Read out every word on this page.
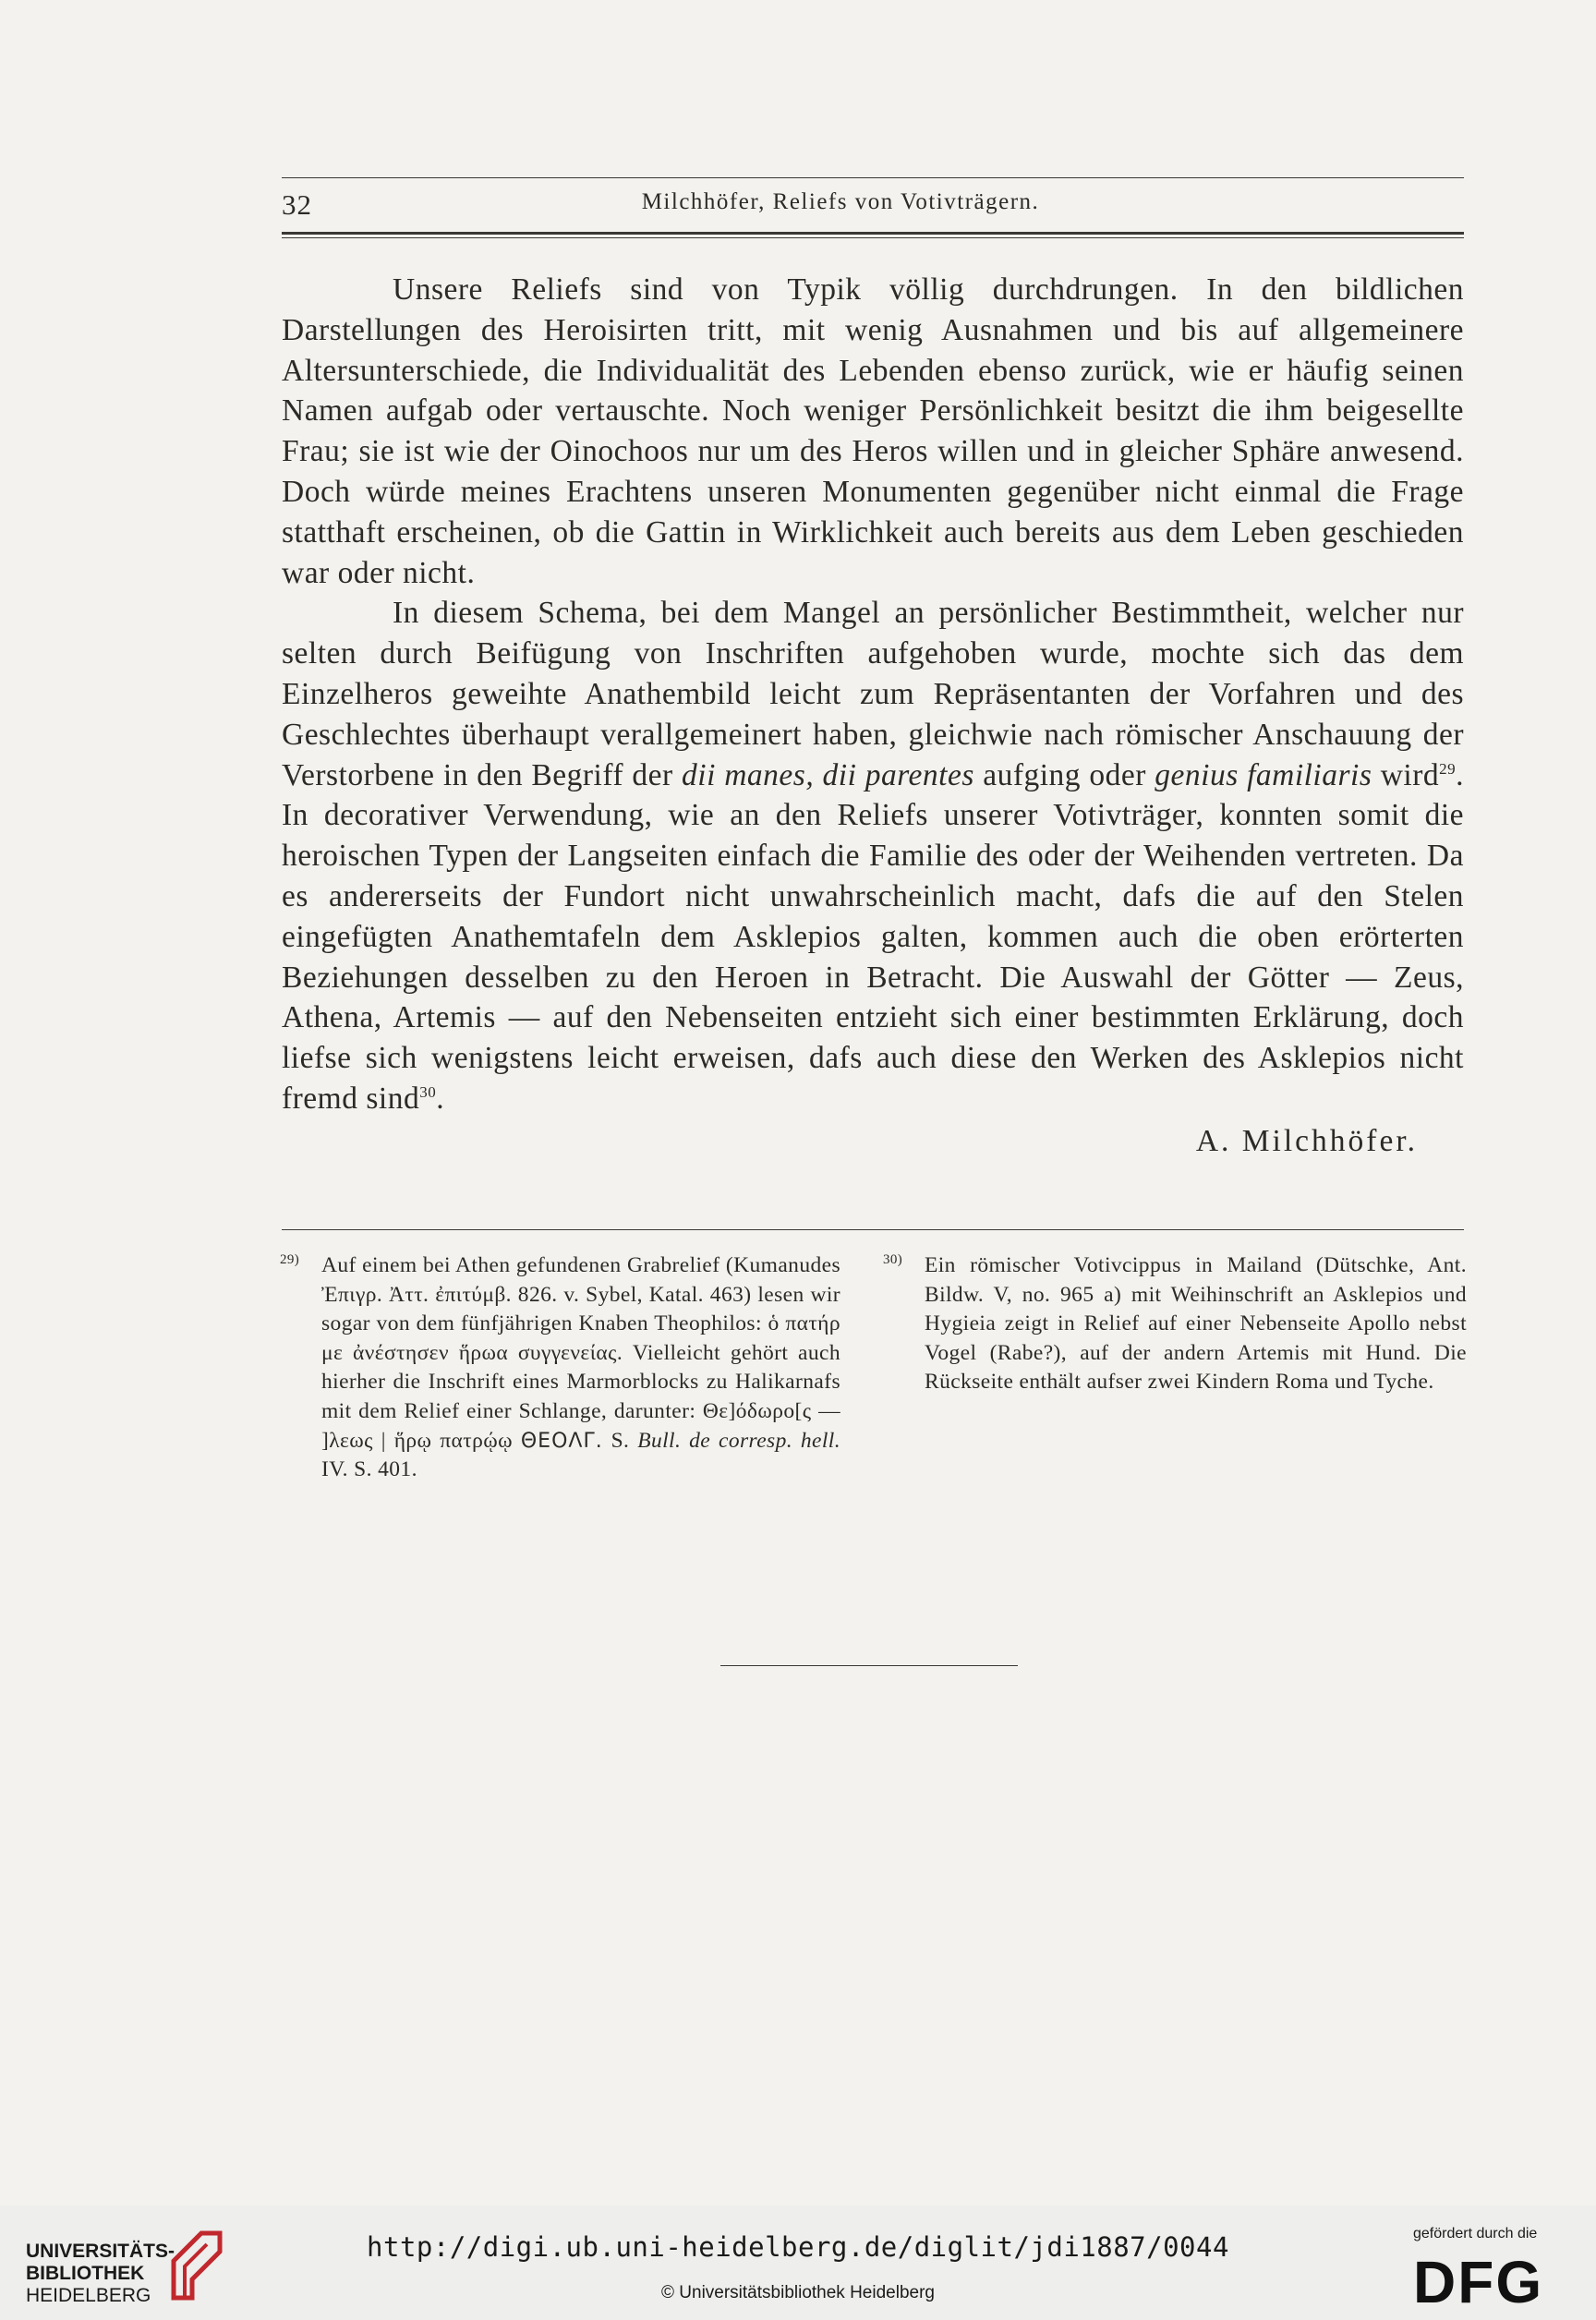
32	Milchhöfer, Reliefs von Votivträgern.

Unsere Reliefs sind von Typik völlig durchdrungen. In den bildlichen Darstellungen des Heroisirten tritt, mit wenig Ausnahmen und bis auf allgemeinere Altersunterschiede, die Individualität des Lebenden ebenso zurück, wie er häufig seinen Namen aufgab oder vertauschte. Noch weniger Persönlichkeit besitzt die ihm beigesellte Frau; sie ist wie der Oinochoos nur um des Heros willen und in gleicher Sphäre anwesend. Doch würde meines Erachtens unseren Monumenten gegenüber nicht einmal die Frage statthaft erscheinen, ob die Gattin in Wirklichkeit auch bereits aus dem Leben geschieden war oder nicht.

In diesem Schema, bei dem Mangel an persönlicher Bestimmtheit, welcher nur selten durch Beifügung von Inschriften aufgehoben wurde, mochte sich das dem Einzelheros geweihte Anathembild leicht zum Repräsentanten der Vorfahren und des Geschlechtes überhaupt verallgemeinert haben, gleichwie nach römischer Anschauung der Verstorbene in den Begriff der dii manes, dii parentes aufging oder genius familiaris wird$^{29}$. In decorativer Verwendung, wie an den Reliefs unserer Votivträger, konnten somit die heroischen Typen der Langseiten einfach die Familie des oder der Weihenden vertreten. Da es andererseits der Fundort nicht unwahrscheinlich macht, dafs die auf den Stelen eingefügten Anathemtafeln dem Asklepios galten, kommen auch die oben erörterten Beziehungen desselben zu den Heroen in Betracht. Die Auswahl der Götter — Zeus, Athena, Artemis — auf den Nebenseiten entzieht sich einer bestimmten Erklärung, doch liefse sich wenigstens leicht erweisen, dafs auch diese den Werken des Asklepios nicht fremd sind$^{30}$.

A. Milchhöfer.

29)	Auf einem bei Athen gefundenen Grabrelief (Kumanudes Ἐπιγρ. Ἀττ. ἐπιτύμβ. 826. v. Sybel, Katal. 463) lesen wir sogar von dem fünfjährigen Knaben Theophilos: ὁ πατήρ με ἀνέστησεν ἥρωα συγγενείας. Vielleicht gehört auch hierher die Inschrift eines Marmorblocks zu Halikarnafs mit dem Relief einer Schlange, darunter: Θε]όδωρο[ς — ]λεως | ἥρῳ πατρῴῳ ΘΕΟΛΓ. S. Bull. de corresp. hell. IV. S. 401.
30)	Ein römischer Votivcippus in Mailand (Dütschke, Ant. Bildw. V, no. 965 a) mit Weihinschrift an Asklepios und Hygieia zeigt in Relief auf einer Nebenseite Apollo nebst Vogel (Rabe?), auf der andern Artemis mit Hund. Die Rückseite enthält aufser zwei Kindern Roma und Tyche.
UNIVERSITÄTS-
BIBLIOTHEK
HEIDELBERG
http://digi.ub.uni-heidelberg.de/diglit/jdi1887/0044
© Universitätsbibliothek Heidelberg
gefördert durch die
DFG
